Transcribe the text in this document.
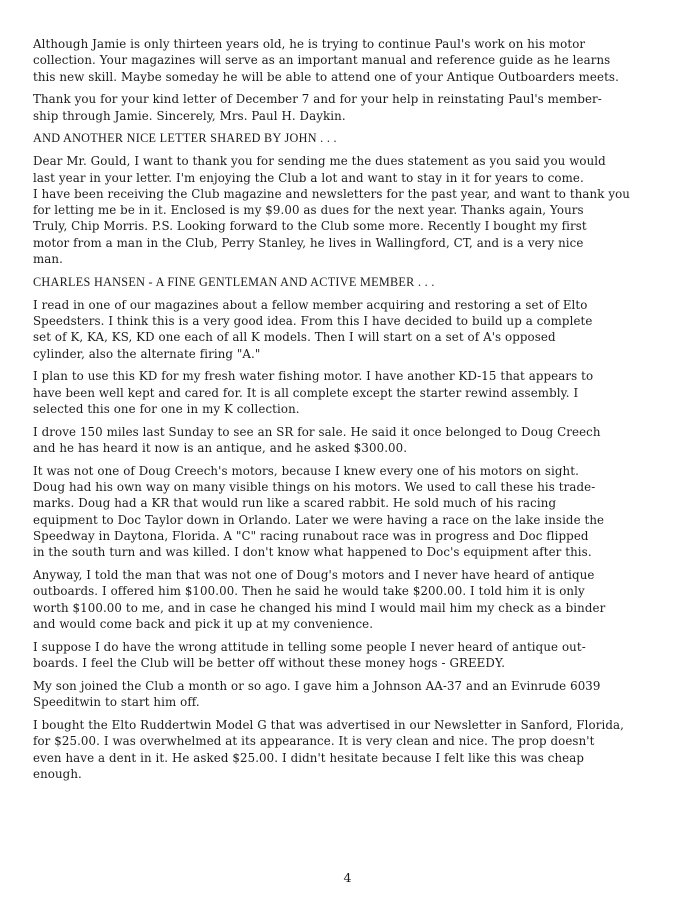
Although Jamie is only thirteen years old, he is trying to continue Paul's work on his motor
collection. Your magazines will serve as an important manual and reference guide as he learns
this new skill. Maybe someday he will be able to attend one of your Antique Outboarders meets.

Thank you for your kind letter of December 7 and for your help in reinstating Paul's member-
ship through Jamie. Sincerely, Mrs. Paul H. Daykin.

AND ANOTHER NICE LETTER SHARED BY JOHN . . .

Dear Mr. Gould, I want to thank you for sending me the dues statement as you said you would
last year in your letter. I'm enjoying the Club a lot and want to stay in it for years to come.
I have been receiving the Club magazine and newsletters for the past year, and want to thank you
for letting me be in it. Enclosed is my $9.00 as dues for the next year. Thanks again, Yours
Truly, Chip Morris. P.S. Looking forward to the Club some more. Recently I bought my first
motor from a man in the Club, Perry Stanley, he lives in Wallingford, CT, and is a very nice
man.

CHARLES HANSEN - A FINE GENTLEMAN AND ACTIVE MEMBER . . .

I read in one of our magazines about a fellow member acquiring and restoring a set of Elto
Speedsters. I think this is a very good idea. From this I have decided to build up a complete
set of K, KA, KS, KD one each of all K models. Then I will start on a set of A's opposed
cylinder, also the alternate firing "A."

I plan to use this KD for my fresh water fishing motor. I have another KD-15 that appears to
have been well kept and cared for. It is all complete except the starter rewind assembly. I
selected this one for one in my K collection.

I drove 150 miles last Sunday to see an SR for sale. He said it once belonged to Doug Creech
and he has heard it now is an antique, and he asked $300.00.

It was not one of Doug Creech's motors, because I knew every one of his motors on sight.
Doug had his own way on many visible things on his motors. We used to call these his trade-
marks. Doug had a KR that would run like a scared rabbit. He sold much of his racing
equipment to Doc Taylor down in Orlando. Later we were having a race on the lake inside the
Speedway in Daytona, Florida. A "C" racing runabout race was in progress and Doc flipped
in the south turn and was killed. I don't know what happened to Doc's equipment after this.

Anyway, I told the man that was not one of Doug's motors and I never have heard of antique
outboards. I offered him $100.00. Then he said he would take $200.00. I told him it is only
worth $100.00 to me, and in case he changed his mind I would mail him my check as a binder
and would come back and pick it up at my convenience.

I suppose I do have the wrong attitude in telling some people I never heard of antique out-
boards. I feel the Club will be better off without these money hogs - GREEDY.

My son joined the Club a month or so ago. I gave him a Johnson AA-37 and an Evinrude 6039
Speeditwin to start him off.

I bought the Elto Ruddertwin Model G that was advertised in our Newsletter in Sanford, Florida,
for $25.00. I was overwhelmed at its appearance. It is very clean and nice. The prop doesn't
even have a dent in it. He asked $25.00. I didn't hesitate because I felt like this was cheap
enough.

4
